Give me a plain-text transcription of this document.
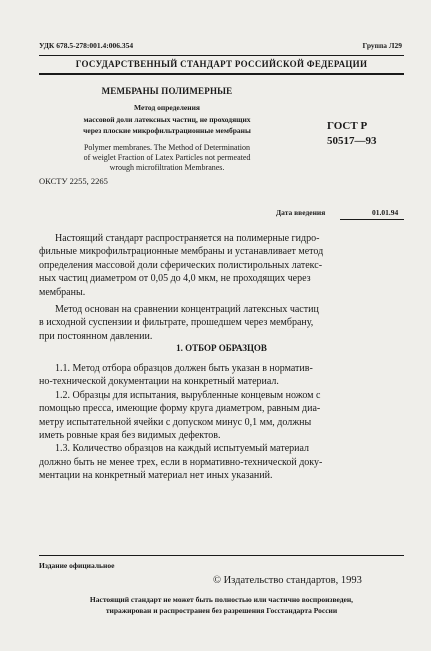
УДК 678.5-278:001.4:006.354	Группа Л29
ГОСУДАРСТВЕННЫЙ СТАНДАРТ РОССИЙСКОЙ ФЕДЕРАЦИИ
МЕМБРАНЫ ПОЛИМЕРНЫЕ
Метод определения
массовой доли латексных частиц, не проходящих
через плоские микрофильтрационные мембраны
Polymer membranes. The Method of Determination
of weiglet Fraction of Latex Particles not permeated
wrough microfiltration Membranes.
ОКСТУ 2255, 2265
ГОСТ Р
50517—93
Дата введения	01.01.94

Настоящий стандарт распространяется на полимерные гидро-
фильные микрофильтрационные мембраны и устанавливает метод
определения массовой доли сферических полистирольных латекс-
ных частиц диаметром от 0,05 до 4,0 мкм, не проходящих через
мембраны.

Метод основан на сравнении концентраций латексных частиц
в исходной суспензии и фильтрате, прошедшем через мембрану,
при постоянном давлении.

1. ОТБОР ОБРАЗЦОВ

1.1. Метод отбора образцов должен быть указан в норматив-
но-технической документации на конкретный материал.

1.2. Образцы для испытания, вырубленные концевым ножом с
помощью пресса, имеющие форму круга диаметром, равным диа-
метру испытательной ячейки с допуском минус 0,1 мм, должны
иметь ровные края без видимых дефектов.

1.3. Количество образцов на каждый испытуемый материал
должно быть не менее трех, если в нормативно-технической доку-
ментации на конкретный материал нет иных указаний.

Издание официальное
© Издательство стандартов, 1993
Настоящий стандарт не может быть полностью или частично воспроизведен,
тиражирован и распространен без разрешения Госстандарта России
